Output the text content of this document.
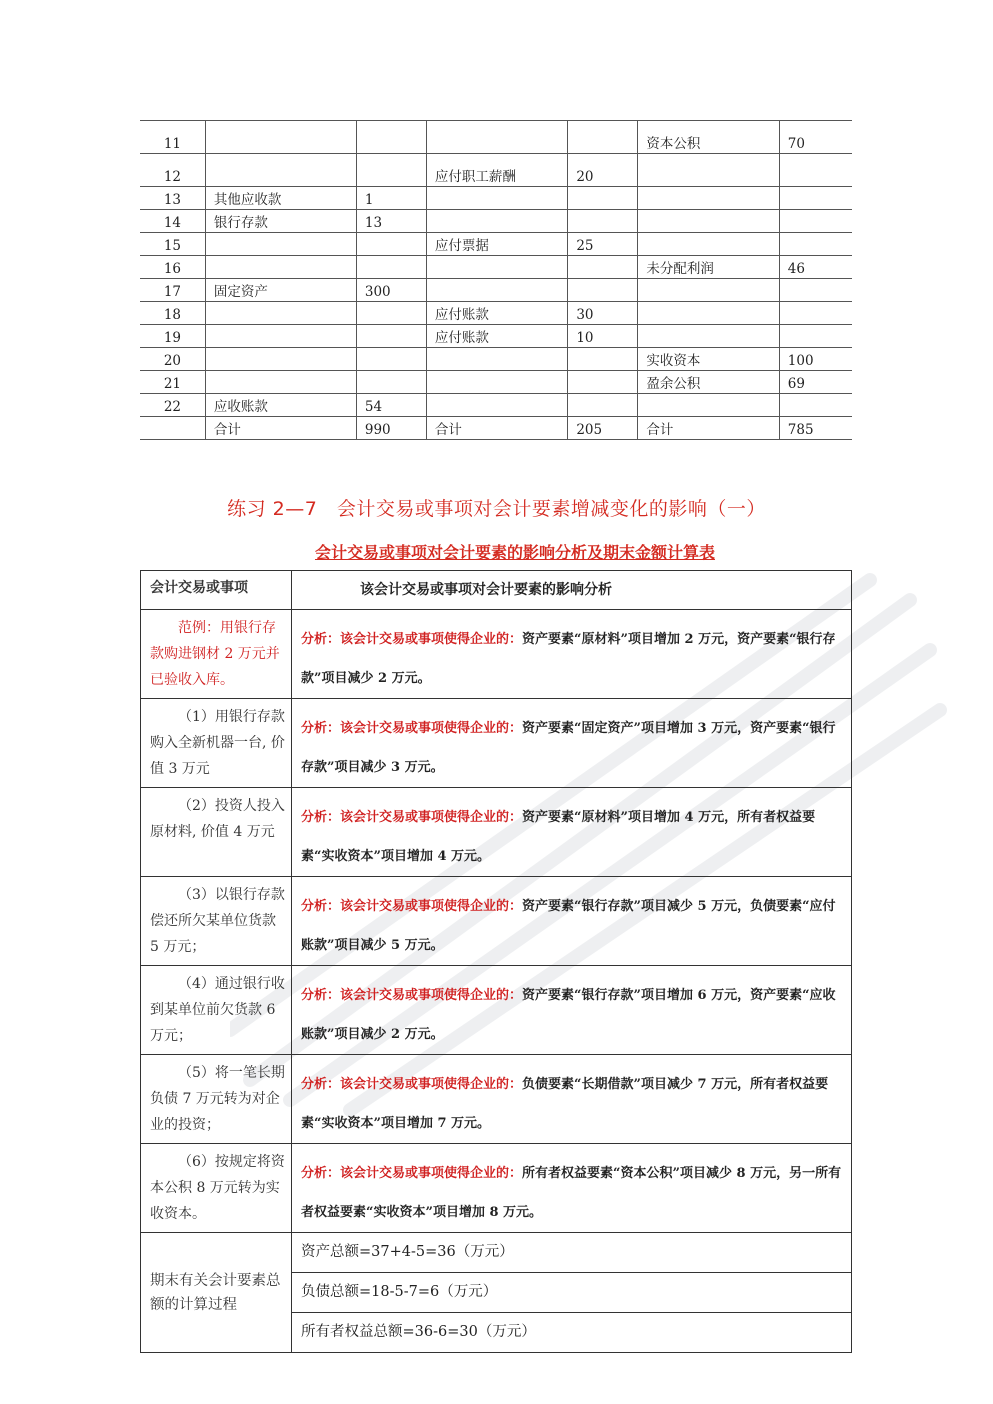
11					资本公积	70
12			应付职工薪酬	20		
13	其他应收款	1				
14	银行存款	13				
15			应付票据	25		
16					未分配利润	46
17	固定资产	300				
18			应付账款	30		
19			应付账款	10		
20					实收资本	100
21					盈余公积	69
22	应收账款	54				
	合计	990	合计	205	合计	785
练习 2—7　会计交易或事项对会计要素增减变化的影响（一）
会计交易或事项对会计要素的影响分析及期末金额计算表
会计交易或事项	该会计交易或事项对会计要素的影响分析
范例：用银行存款购进钢材 2 万元并已验收入库。	分析：该会计交易或事项使得企业的：资产要素“原材料”项目增加 2 万元，资产要素“银行存款”项目减少 2 万元。
（1）用银行存款购入全新机器一台, 价值 3 万元	分析：该会计交易或事项使得企业的：资产要素“固定资产”项目增加 3 万元，资产要素“银行存款”项目减少 3 万元。
（2）投资人投入原材料, 价值 4 万元	分析：该会计交易或事项使得企业的：资产要素“原材料”项目增加 4 万元，所有者权益要素“实收资本”项目增加 4 万元。
（3）以银行存款偿还所欠某单位货款 5 万元；	分析：该会计交易或事项使得企业的：资产要素“银行存款”项目减少 5 万元，负债要素“应付账款”项目减少 5 万元。
（4）通过银行收到某单位前欠货款 6 万元；	分析：该会计交易或事项使得企业的：资产要素“银行存款”项目增加 6 万元，资产要素“应收账款”项目减少 2 万元。
（5）将一笔长期负债 7 万元转为对企业的投资；	分析：该会计交易或事项使得企业的：负债要素“长期借款”项目减少 7 万元，所有者权益要素“实收资本”项目增加 7 万元。
（6）按规定将资本公积 8 万元转为实收资本。	分析：该会计交易或事项使得企业的：所有者权益要素“资本公积”项目减少 8 万元，另一所有者权益要素“实收资本”项目增加 8 万元。
期末有关会计要素总额的计算过程	资产总额=37+4-5=36（万元）
	负债总额=18-5-7=6（万元）
	所有者权益总额=36-6=30（万元）
